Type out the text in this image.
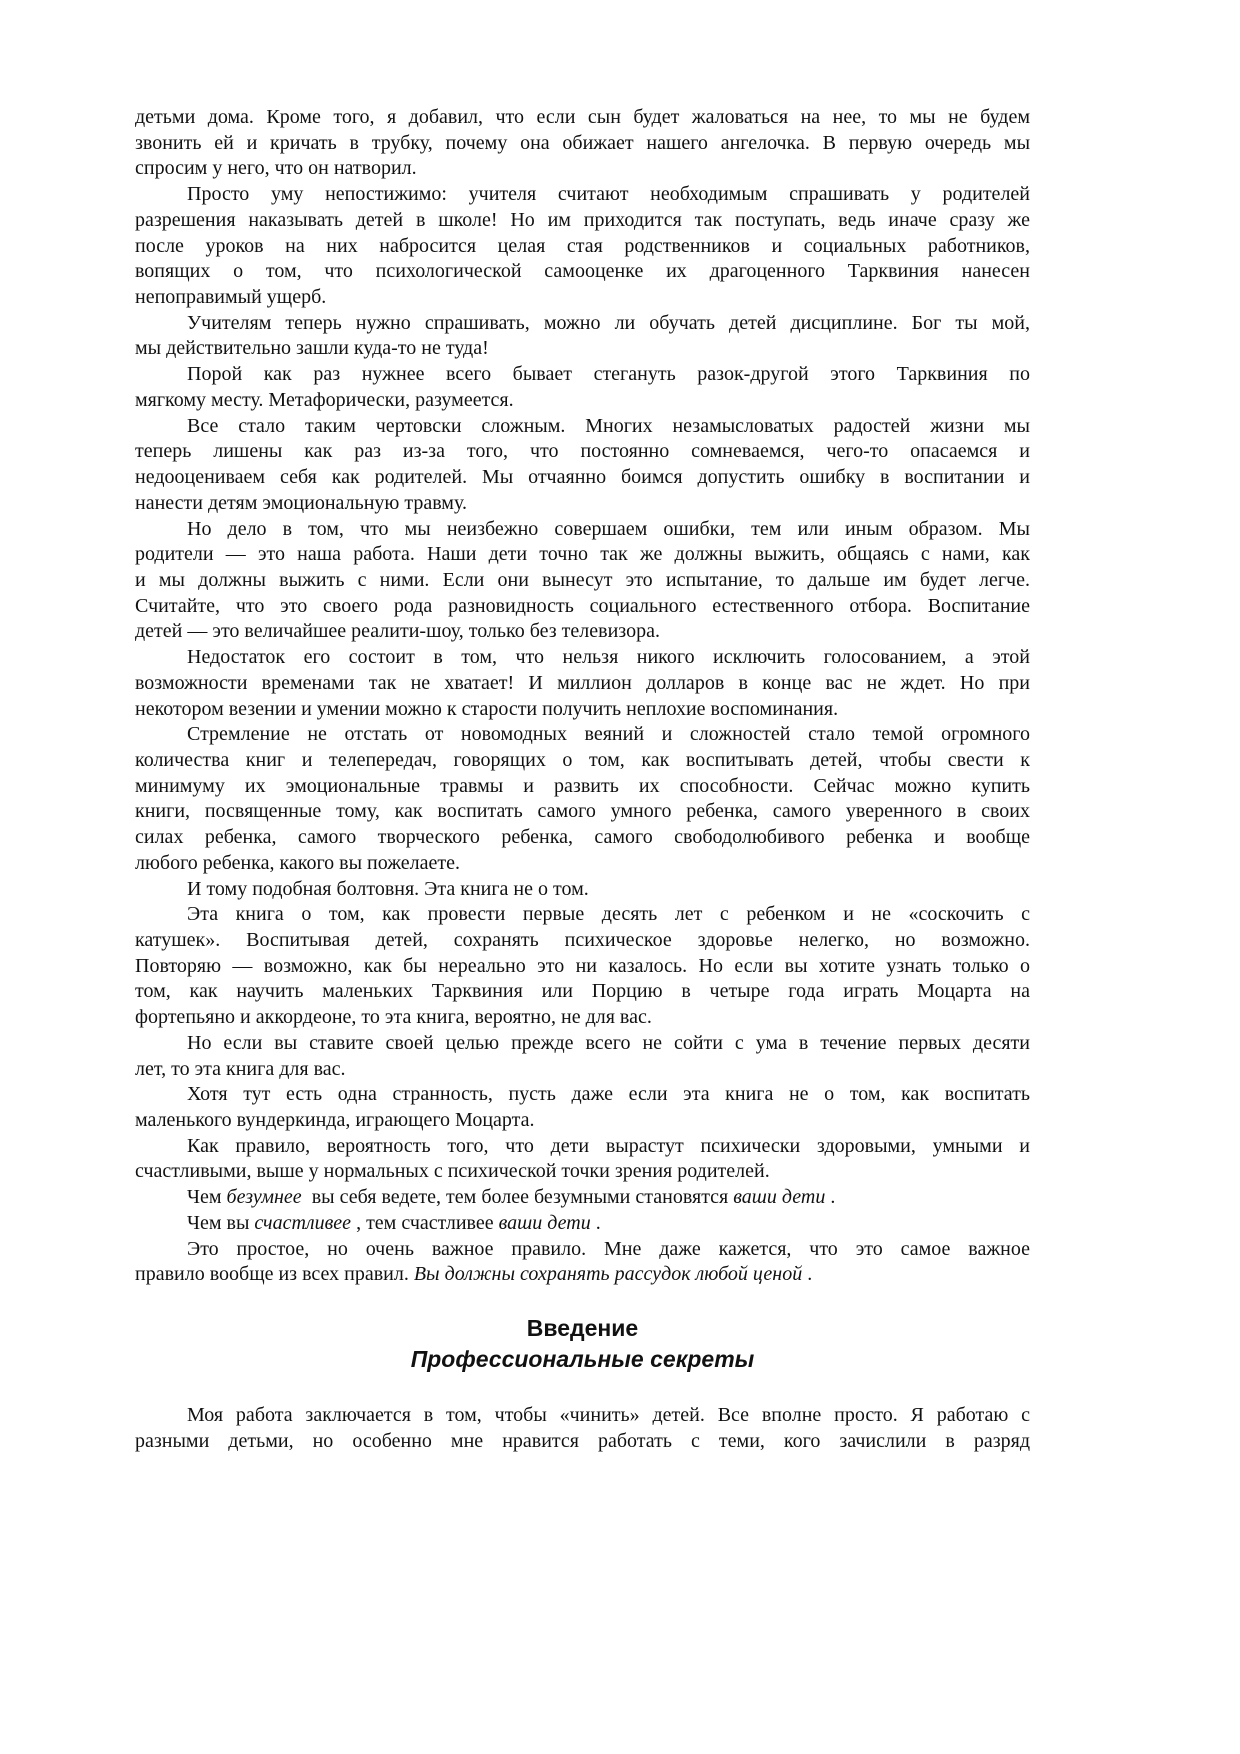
детьми дома. Кроме того, я добавил, что если сын будет жаловаться на нее, то мы не будем
звонить ей и кричать в трубку, почему она обижает нашего ангелочка. В первую очередь мы
спросим у него, что он натворил.
Просто уму непостижимо: учителя считают необходимым спрашивать у родителей
разрешения наказывать детей в школе! Но им приходится так поступать, ведь иначе сразу же
после уроков на них набросится целая стая родственников и социальных работников,
вопящих о том, что психологической самооценке их драгоценного Тарквиния нанесен
непоправимый ущерб.
Учителям теперь нужно спрашивать, можно ли обучать детей дисциплине. Бог ты мой,
мы действительно зашли куда-то не туда!
Порой как раз нужнее всего бывает стегануть разок-другой этого Тарквиния по
мягкому месту. Метафорически, разумеется.
Все стало таким чертовски сложным. Многих незамысловатых радостей жизни мы
теперь лишены как раз из-за того, что постоянно сомневаемся, чего-то опасаемся и
недооцениваем себя как родителей. Мы отчаянно боимся допустить ошибку в воспитании и
нанести детям эмоциональную травму.
Но дело в том, что мы неизбежно совершаем ошибки, тем или иным образом. Мы
родители — это наша работа. Наши дети точно так же должны выжить, общаясь с нами, как
и мы должны выжить с ними. Если они вынесут это испытание, то дальше им будет легче.
Считайте, что это своего рода разновидность социального естественного отбора. Воспитание
детей — это величайшее реалити-шоу, только без телевизора.
Недостаток его состоит в том, что нельзя никого исключить голосованием, а этой
возможности временами так не хватает! И миллион долларов в конце вас не ждет. Но при
некотором везении и умении можно к старости получить неплохие воспоминания.
Стремление не отстать от новомодных веяний и сложностей стало темой огромного
количества книг и телепередач, говорящих о том, как воспитывать детей, чтобы свести к
минимуму их эмоциональные травмы и развить их способности. Сейчас можно купить
книги, посвященные тому, как воспитать самого умного ребенка, самого уверенного в своих
силах ребенка, самого творческого ребенка, самого свободолюбивого ребенка и вообще
любого ребенка, какого вы пожелаете.
И тому подобная болтовня. Эта книга не о том.
Эта книга о том, как провести первые десять лет с ребенком и не «соскочить с
катушек». Воспитывая детей, сохранять психическое здоровье нелегко, но возможно.
Повторяю — возможно, как бы нереально это ни казалось. Но если вы хотите узнать только о
том, как научить маленьких Тарквиния или Порцию в четыре года играть Моцарта на
фортепьяно и аккордеоне, то эта книга, вероятно, не для вас.
Но если вы ставите своей целью прежде всего не сойти с ума в течение первых десяти
лет, то эта книга для вас.
Хотя тут есть одна странность, пусть даже если эта книга не о том, как воспитать
маленького вундеркинда, играющего Моцарта.
Как правило, вероятность того, что дети вырастут психически здоровыми, умными и
счастливыми, выше у нормальных с психической точки зрения родителей.
Чем безумнее  вы себя ведете, тем более безумными становятся ваши дети .
Чем вы счастливее , тем счастливее ваши дети .
Это простое, но очень важное правило. Мне даже кажется, что это самое важное
правило вообще из всех правил. Вы должны сохранять рассудок любой ценой .
Введение
Профессиональные секреты
Моя работа заключается в том, чтобы «чинить» детей. Все вполне просто. Я работаю с
разными детьми, но особенно мне нравится работать с теми, кого зачислили в разряд
